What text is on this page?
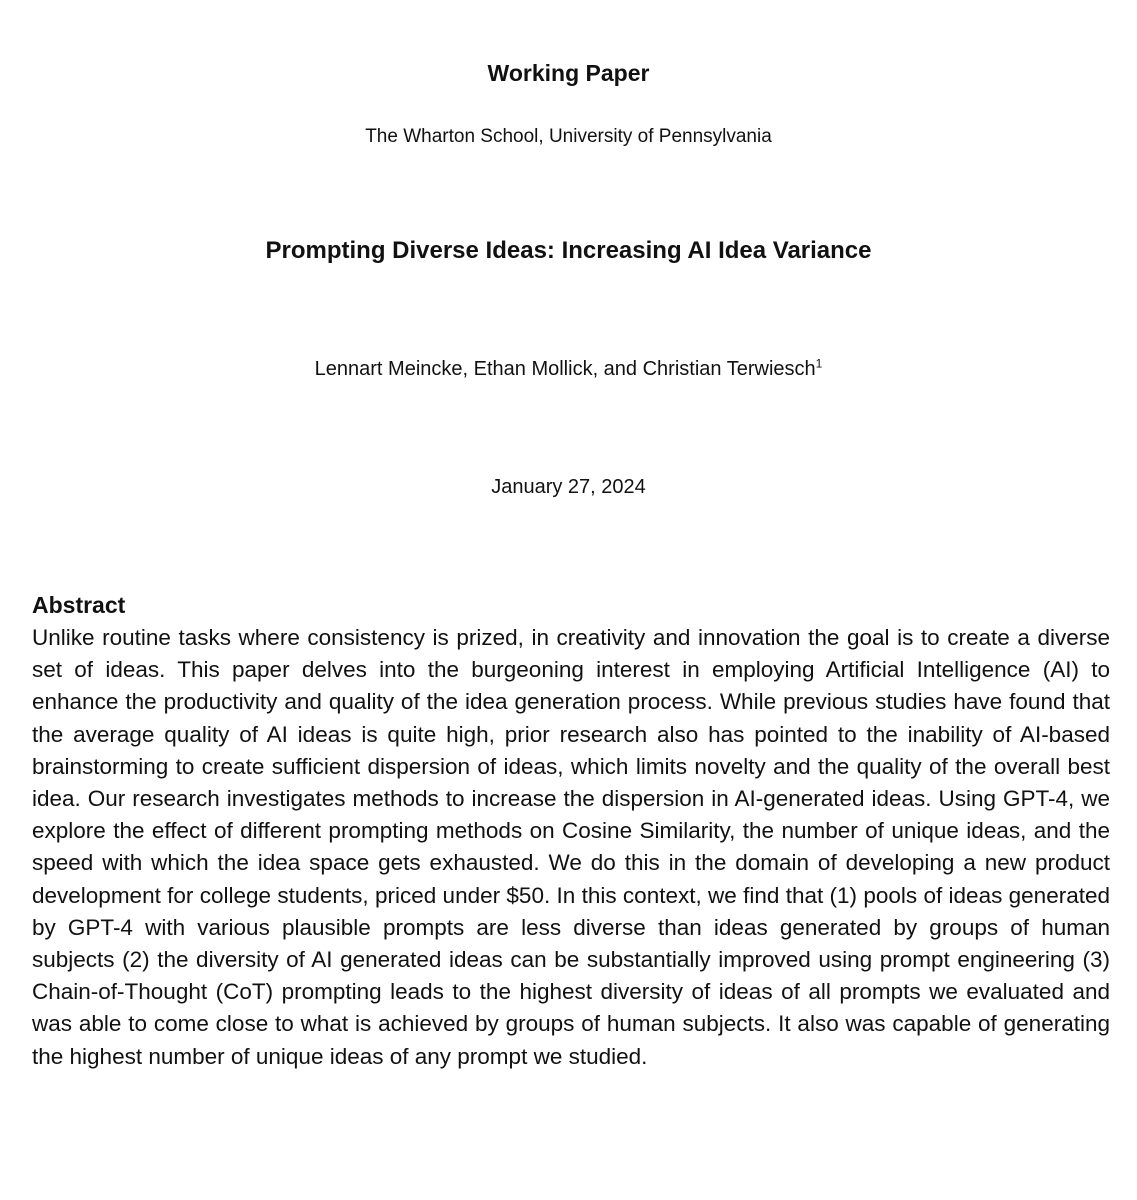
Working Paper
The Wharton School, University of Pennsylvania
Prompting Diverse Ideas: Increasing AI Idea Variance
Lennart Meincke, Ethan Mollick, and Christian Terwiesch$^1$
January 27, 2024
Abstract

Unlike routine tasks where consistency is prized, in creativity and innovation the goal is to create a diverse set of ideas. This paper delves into the burgeoning interest in employing Artificial Intelligence (AI) to enhance the productivity and quality of the idea generation process. While previous studies have found that the average quality of AI ideas is quite high, prior research also has pointed to the inability of AI-based brainstorming to create sufficient dispersion of ideas, which limits novelty and the quality of the overall best idea. Our research investigates methods to increase the dispersion in AI-generated ideas. Using GPT-4, we explore the effect of different prompting methods on Cosine Similarity, the number of unique ideas, and the speed with which the idea space gets exhausted. We do this in the domain of developing a new product development for college students, priced under $50. In this context, we find that (1) pools of ideas generated by GPT-4 with various plausible prompts are less diverse than ideas generated by groups of human subjects (2) the diversity of AI generated ideas can be substantially improved using prompt engineering (3) Chain-of-Thought (CoT) prompting leads to the highest diversity of ideas of all prompts we evaluated and was able to come close to what is achieved by groups of human subjects. It also was capable of generating the highest number of unique ideas of any prompt we studied.
